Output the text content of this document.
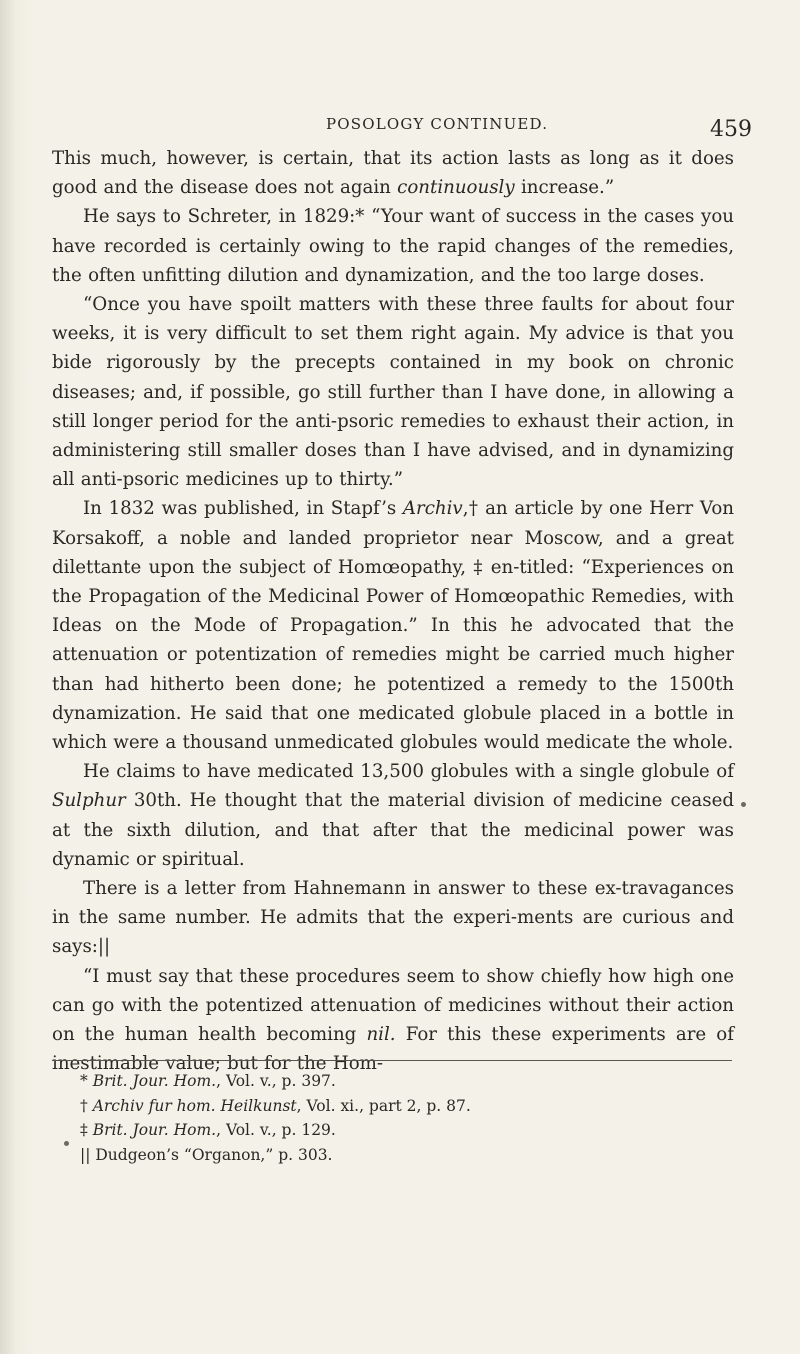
POSOLOGY CONTINUED.	459

This much, however, is certain, that its action lasts as long as it does good and the disease does not again continuously increase.”

He says to Schreter, in 1829:* “Your want of success in the cases you have recorded is certainly owing to the rapid changes of the remedies, the often unfitting dilution and dynamization, and the too large doses.

“Once you have spoilt matters with these three faults for about four weeks, it is very difficult to set them right again. My advice is that you bide rigorously by the precepts contained in my book on chronic diseases; and, if possible, go still further than I have done, in allowing a still longer period for the anti-psoric remedies to exhaust their action, in administering still smaller doses than I have advised, and in dynamizing all anti-psoric medicines up to thirty.”

In 1832 was published, in Stapf’s Archiv,† an article by one Herr Von Korsakoff, a noble and landed proprietor near Moscow, and a great dilettante upon the subject of Homœopathy, ‡ en-titled: “Experiences on the Propagation of the Medicinal Power of Homœopathic Remedies, with Ideas on the Mode of Propagation.” In this he advocated that the attenuation or potentization of remedies might be carried much higher than had hitherto been done; he potentized a remedy to the 1500th dynamization. He said that one medicated globule placed in a bottle in which were a thousand unmedicated globules would medicate the whole.

He claims to have medicated 13,500 globules with a single globule of Sulphur 30th. He thought that the material division of medicine ceased at the sixth dilution, and that after that the medicinal power was dynamic or spiritual.

There is a letter from Hahnemann in answer to these ex-travagances in the same number. He admits that the experi-ments are curious and says:||

“I must say that these procedures seem to show chiefly how high one can go with the potentized attenuation of medicines without their action on the human health becoming nil. For this these experiments are of inestimable value; but for the Hom-

* Brit. Jour. Hom., Vol. v., p. 397.
† Archiv fur hom. Heilkunst, Vol. xi., part 2, p. 87.
‡ Brit. Jour. Hom., Vol. v., p. 129.
|| Dudgeon’s “Organon,” p. 303.
